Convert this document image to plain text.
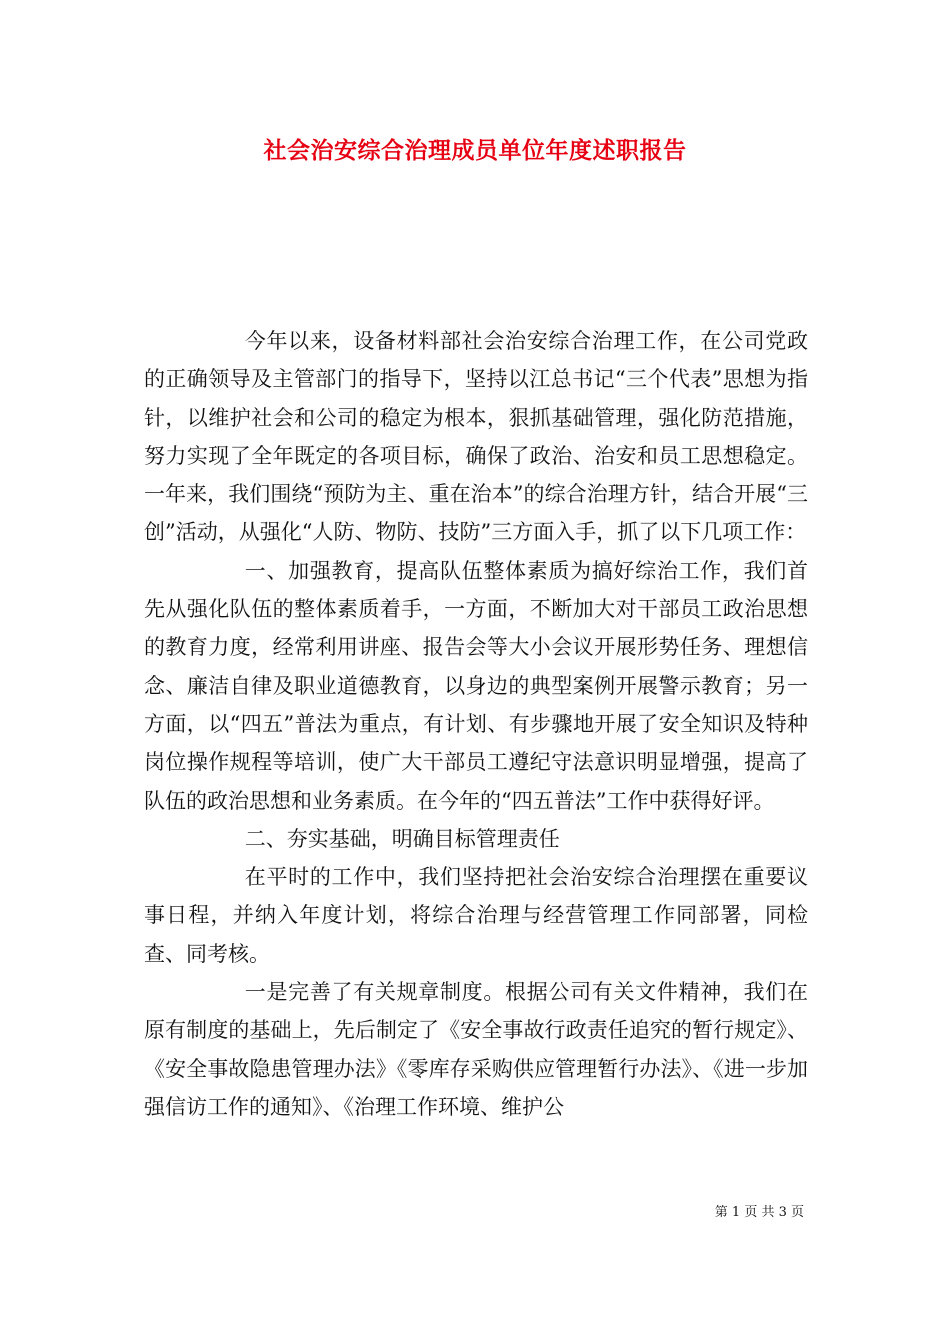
社会治安综合治理成员单位年度述职报告

今年以来，设备材料部社会治安综合治理工作，在公司党政的正确领导及主管部门的指导下，坚持以江总书记“三个代表”思想为指针，以维护社会和公司的稳定为根本，狠抓基础管理，强化防范措施，努力实现了全年既定的各项目标，确保了政治、治安和员工思想稳定。一年来，我们围绕“预防为主、重在治本”的综合治理方针，结合开展“三创”活动，从强化“人防、物防、技防”三方面入手，抓了以下几项工作：

一、加强教育，提高队伍整体素质为搞好综治工作，我们首先从强化队伍的整体素质着手，一方面，不断加大对干部员工政治思想的教育力度，经常利用讲座、报告会等大小会议开展形势任务、理想信念、廉洁自律及职业道德教育，以身边的典型案例开展警示教育；另一方面，以“四五”普法为重点，有计划、有步骤地开展了安全知识及特种岗位操作规程等培训，使广大干部员工遵纪守法意识明显增强，提高了队伍的政治思想和业务素质。在今年的“四五普法”工作中获得好评。

二、夯实基础，明确目标管理责任

在平时的工作中，我们坚持把社会治安综合治理摆在重要议事日程，并纳入年度计划，将综合治理与经营管理工作同部署，同检查、同考核。

一是完善了有关规章制度。根据公司有关文件精神，我们在原有制度的基础上，先后制定了《安全事故行政责任追究的暂行规定》、《安全事故隐患管理办法》《零库存采购供应管理暂行办法》、《进一步加强信访工作的通知》、《治理工作环境、维护公

第 1 页 共 3 页
